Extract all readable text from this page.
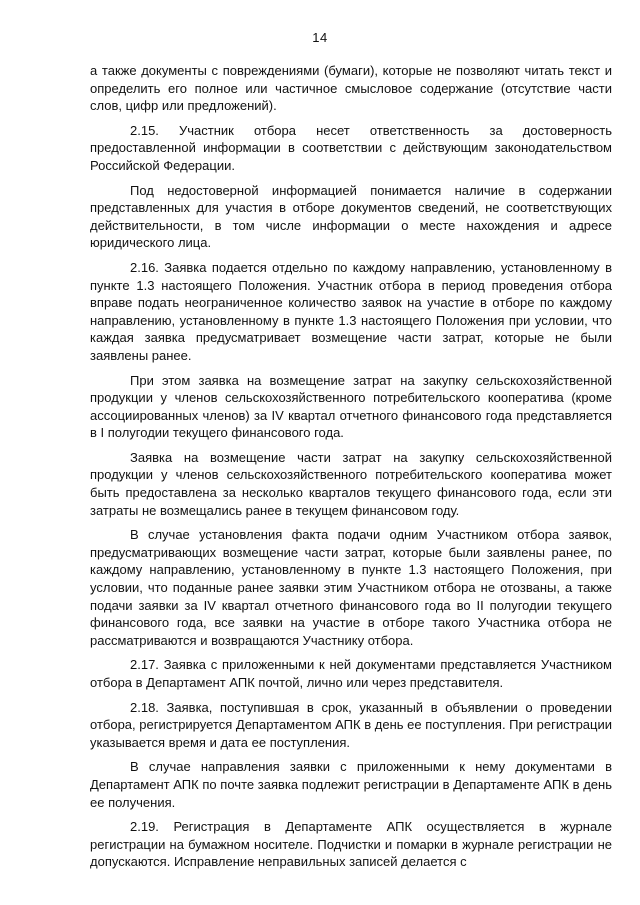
14

а также документы с повреждениями (бумаги), которые не позволяют читать текст и определить его полное или частичное смысловое содержание (отсутствие части слов, цифр или предложений).

2.15. Участник отбора несет ответственность за достоверность предоставленной информации в соответствии с действующим законодательством Российской Федерации.

Под недостоверной информацией понимается наличие в содержании представленных для участия в отборе документов сведений, не соответствующих действительности, в том числе информации о месте нахождения и адресе юридического лица.

2.16. Заявка подается отдельно по каждому направлению, установленному в пункте 1.3 настоящего Положения. Участник отбора в период проведения отбора вправе подать неограниченное количество заявок на участие в отборе по каждому направлению, установленному в пункте 1.3 настоящего Положения при условии, что каждая заявка предусматривает возмещение части затрат, которые не были заявлены ранее.

При этом заявка на возмещение затрат на закупку сельскохозяйственной продукции у членов сельскохозяйственного потребительского кооператива (кроме ассоциированных членов) за IV квартал отчетного финансового года представляется в I полугодии текущего финансового года.

Заявка на возмещение части затрат на закупку сельскохозяйственной продукции у членов сельскохозяйственного потребительского кооператива может быть предоставлена за несколько кварталов текущего финансового года, если эти затраты не возмещались ранее в текущем финансовом году.

В случае установления факта подачи одним Участником отбора заявок, предусматривающих возмещение части затрат, которые были заявлены ранее, по каждому направлению, установленному в пункте 1.3 настоящего Положения, при условии, что поданные ранее заявки этим Участником отбора не отозваны, а также подачи заявки за IV квартал отчетного финансового года во II полугодии текущего финансового года, все заявки на участие в отборе такого Участника отбора не рассматриваются и возвращаются Участнику отбора.

2.17. Заявка с приложенными к ней документами представляется Участником отбора в Департамент АПК почтой, лично или через представителя.

2.18. Заявка, поступившая в срок, указанный в объявлении о проведении отбора, регистрируется Департаментом АПК в день ее поступления. При регистрации указывается время и дата ее поступления.

В случае направления заявки с приложенными к нему документами в Департамент АПК по почте заявка подлежит регистрации в Департаменте АПК в день ее получения.

2.19. Регистрация в Департаменте АПК осуществляется в журнале регистрации на бумажном носителе. Подчистки и помарки в журнале регистрации не допускаются. Исправление неправильных записей делается с
